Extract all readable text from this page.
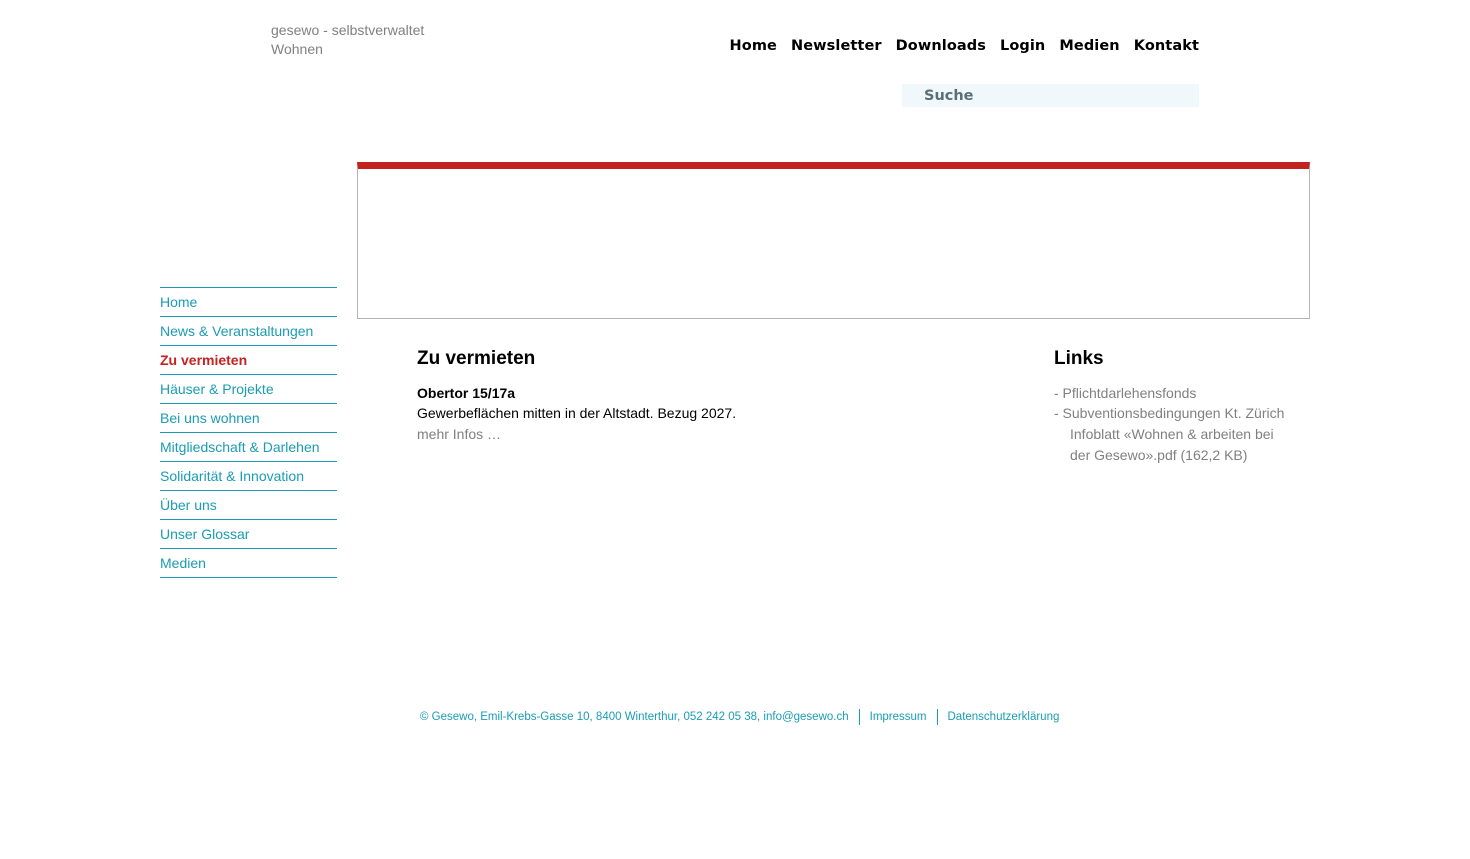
gesewo - selbstverwaltet Wohnen	Home Newsletter Downloads Login Medien Kontakt
Suche
Home
News & Veranstaltungen
Zu vermieten
Häuser & Projekte
Bei uns wohnen
Mitgliedschaft & Darlehen
Solidarität & Innovation
Über uns
Unser Glossar
Medien
Zu vermieten
Obertor 15/17a
Gewerbeflächen mitten in der Altstadt. Bezug 2027.
mehr Infos …
Links
- Pflichtdarlehensfonds
- Subventionsbedingungen Kt. Zürich
Infoblatt «Wohnen & arbeiten bei der Gesewo».pdf (162,2 KB)
© Gesewo, Emil-Krebs-Gasse 10, 8400 Winterthur, 052 242 05 38, info@gesewo.ch Impressum Datenschutzerklärung
